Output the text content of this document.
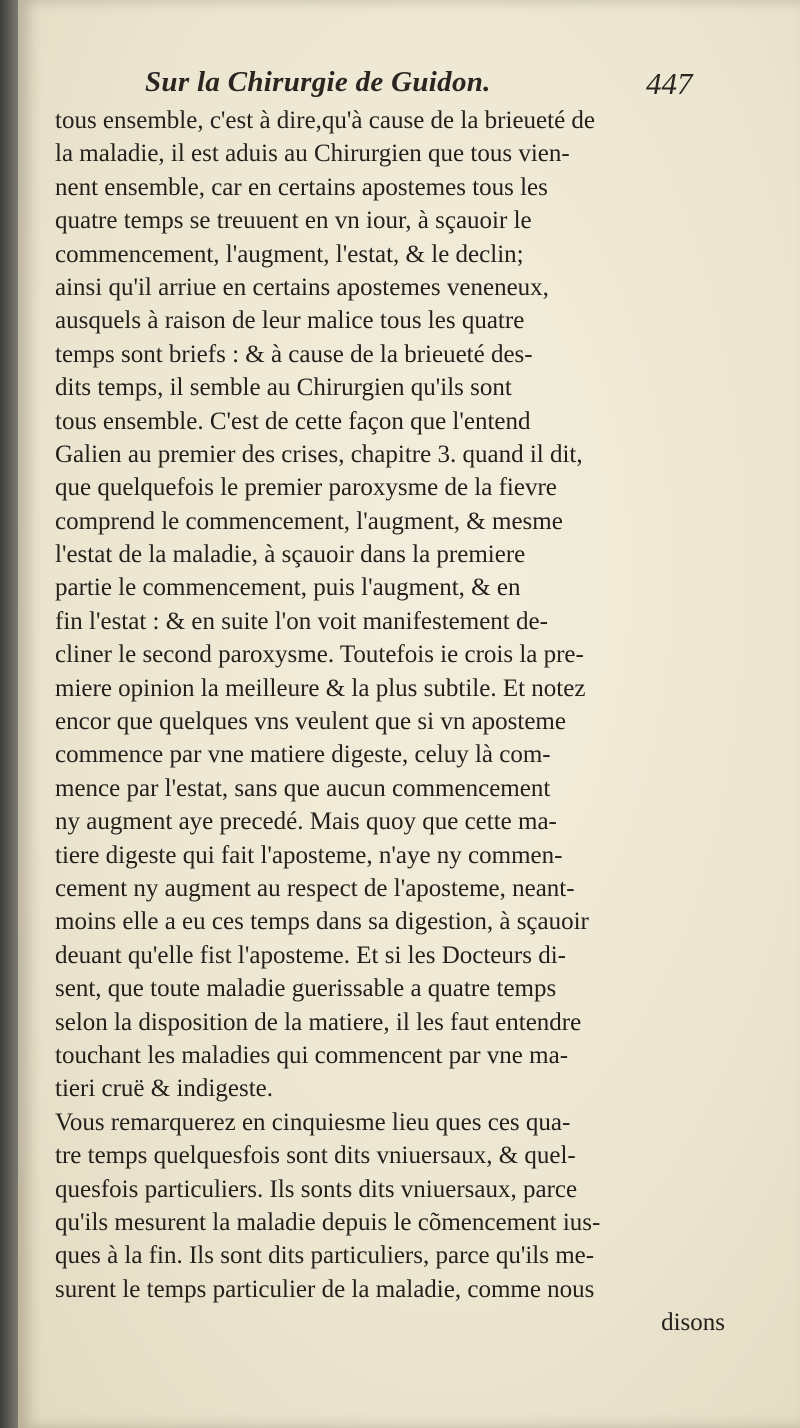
Sur la Chirurgie de Guidon.	447
tous ensemble, c'est à dire,qu'à cause de la brieueté de
la maladie, il est aduis au Chirurgien que tous vien-
nent ensemble, car en certains apostemes tous les
quatre temps se treuuent en vn iour, à sçauoir le
commencement, l'augment, l'estat, & le declin;
ainsi qu'il arriue en certains apostemes veneneux,
ausquels à raison de leur malice tous les quatre
temps sont briefs : & à cause de la brieueté des-
dits temps, il semble au Chirurgien qu'ils sont
tous ensemble. C'est de cette façon que l'entend
Galien au premier des crises, chapitre 3. quand il dit,
que quelquefois le premier paroxysme de la fievre
comprend le commencement, l'augment, & mesme
l'estat de la maladie, à sçauoir dans la premiere
partie le commencement, puis l'augment, & en
fin l'estat : & en suite l'on voit manifestement de-
cliner le second paroxysme. Toutefois ie crois la pre-
miere opinion la meilleure & la plus subtile. Et notez
encor que quelques vns veulent que si vn aposteme
commence par vne matiere digeste, celuy là com-
mence par l'estat, sans que aucun commencement
ny augment aye precedé. Mais quoy que cette ma-
tiere digeste qui fait l'aposteme, n'aye ny commen-
cement ny augment au respect de l'aposteme, neant-
moins elle a eu ces temps dans sa digestion, à sçauoir
deuant qu'elle fist l'aposteme. Et si les Docteurs di-
sent, que toute maladie guerissable a quatre temps
selon la disposition de la matiere, il les faut entendre
touchant les maladies qui commencent par vne ma-
tieri cruë & indigeste.
Vous remarquerez en cinquiesme lieu ques ces qua-
tre temps quelquesfois sont dits vniuersaux, & quel-
quesfois particuliers. Ils sonts dits vniuersaux, parce
qu'ils mesurent la maladie depuis le cõmencement ius-
ques à la fin. Ils sont dits particuliers, parce qu'ils me-
surent le temps particulier de la maladie, comme nous
disons
